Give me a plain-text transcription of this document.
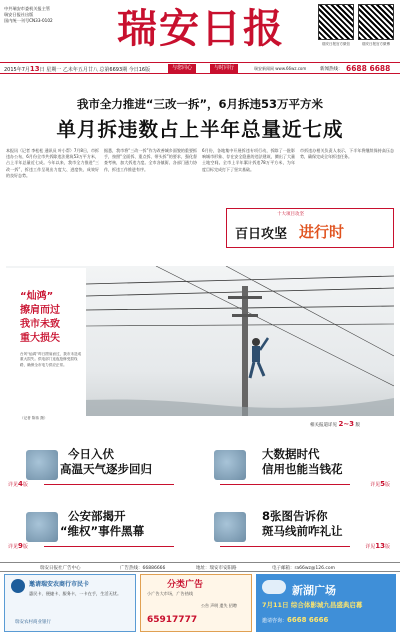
中共瑞安市委机关报主管
瑞安日报社出版
国内统一刊号CN33-0102	瑞安日报	瑞安日报官方微信	瑞安日报官方微博
2015年7月13日 星期一 乙未年五月廿八 总第6693期 今日16版	与您同心	与时同行	瑞安新闻网 www.66wz.com	新闻热线： 6688 6688
我市全力推进“三改一拆”，6月拆违53万平方米
单月拆违数占上半年总量近七成
本报讯（记者 李松松 通讯员 叶小帮）7月8日，市拆违办公布，6月份全市共拆除违法建筑53万平方米，占上半年总量近七成。今年以来，我市全力推进“三改一拆”，拆违工作呈现出力度大、进度快、成效好的良好态势。
据悉，我市将“三改一拆”作为改善城乡面貌的重要抓手，按照“全面拆、重点拆、带头拆”的要求，强化督查考核，加大拆违力度。全市各镇街、各部门通力协作，拆违工作推进有序。
6月份，各地集中开展拆违专项行动，拆除了一批影响城市形象、存在安全隐患的违法建筑，腾出了大量土地空间。全市上半年累计拆违78万平方米，为年度目标完成打下了坚实基础。
市拆违办相关负责人表示，下半年将继续保持高压态势，确保完成全年拆违任务。
十大项目攻坚
百日攻坚 进行时
“灿鸿”
擦肩而过
我市未致
重大损失
台风“灿鸿”昨日擦肩而过，我市未造成重大损失。供电部门连夜抢修受损线路，确保全市电力供应正常。
（记者 陈伟 摄）
相关报道详见 2~3 版
今日入伏
高温天气逐步回归
详见4版
大数据时代
信用也能当钱花
详见5版
公安部揭开
“维权”事件黑幕
详见9版
8张图告诉你
斑马线前咋礼让
详见13版
瑞安日报社广告中心	广告热线：66886666	地址：瑞安市安阳路	电子邮箱：ra66wz@126.com
邀请瑞安农商行市民卡
惠民卡、便捷卡、服务卡，一卡在手，生活无忧。
瑞安农村商业银行
分类广告
小广告大市场，广告热线
65917777
公告 声明 遗失 招聘
新湖广场
7月11日 综合体影城九昌盛典启幕
邀请咨询：6668 6666
